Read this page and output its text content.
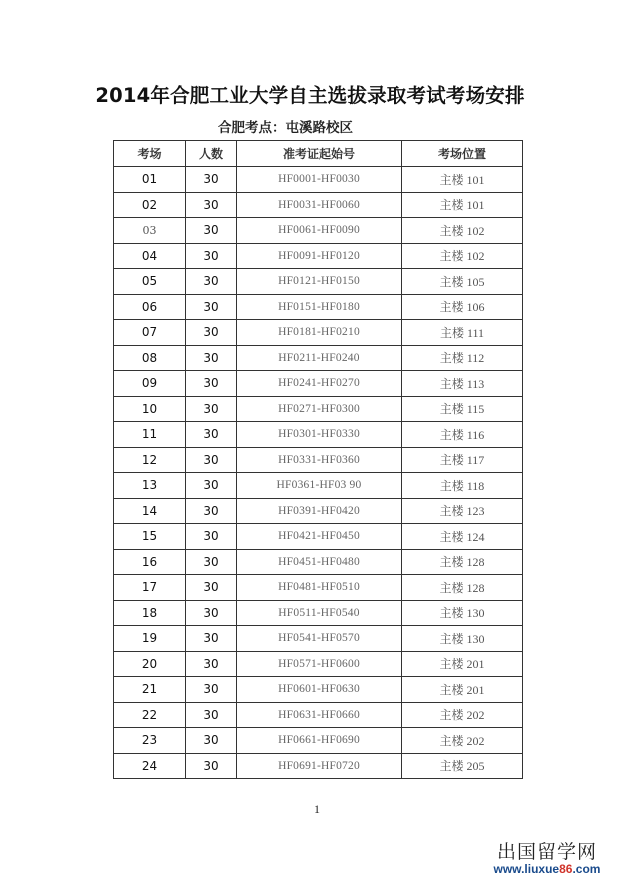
2014年合肥工业大学自主选拔录取考试考场安排
合肥考点：屯溪路校区
考场	人数	准考证起始号	考场位置
01	30	HF0001-HF0030	主楼 101
02	30	HF0031-HF0060	主楼 101
03	30	HF0061-HF0090	主楼 102
04	30	HF0091-HF0120	主楼 102
05	30	HF0121-HF0150	主楼 105
06	30	HF0151-HF0180	主楼 106
07	30	HF0181-HF0210	主楼 111
08	30	HF0211-HF0240	主楼 112
09	30	HF0241-HF0270	主楼 113
10	30	HF0271-HF0300	主楼 115
11	30	HF0301-HF0330	主楼 116
12	30	HF0331-HF0360	主楼 117
13	30	HF0361-HF03 90	主楼 118
14	30	HF0391-HF0420	主楼 123
15	30	HF0421-HF0450	主楼 124
16	30	HF0451-HF0480	主楼 128
17	30	HF0481-HF0510	主楼 128
18	30	HF0511-HF0540	主楼 130
19	30	HF0541-HF0570	主楼 130
20	30	HF0571-HF0600	主楼 201
21	30	HF0601-HF0630	主楼 201
22	30	HF0631-HF0660	主楼 202
23	30	HF0661-HF0690	主楼 202
24	30	HF0691-HF0720	主楼 205
1
出国留学网
www.liuxue86.com
